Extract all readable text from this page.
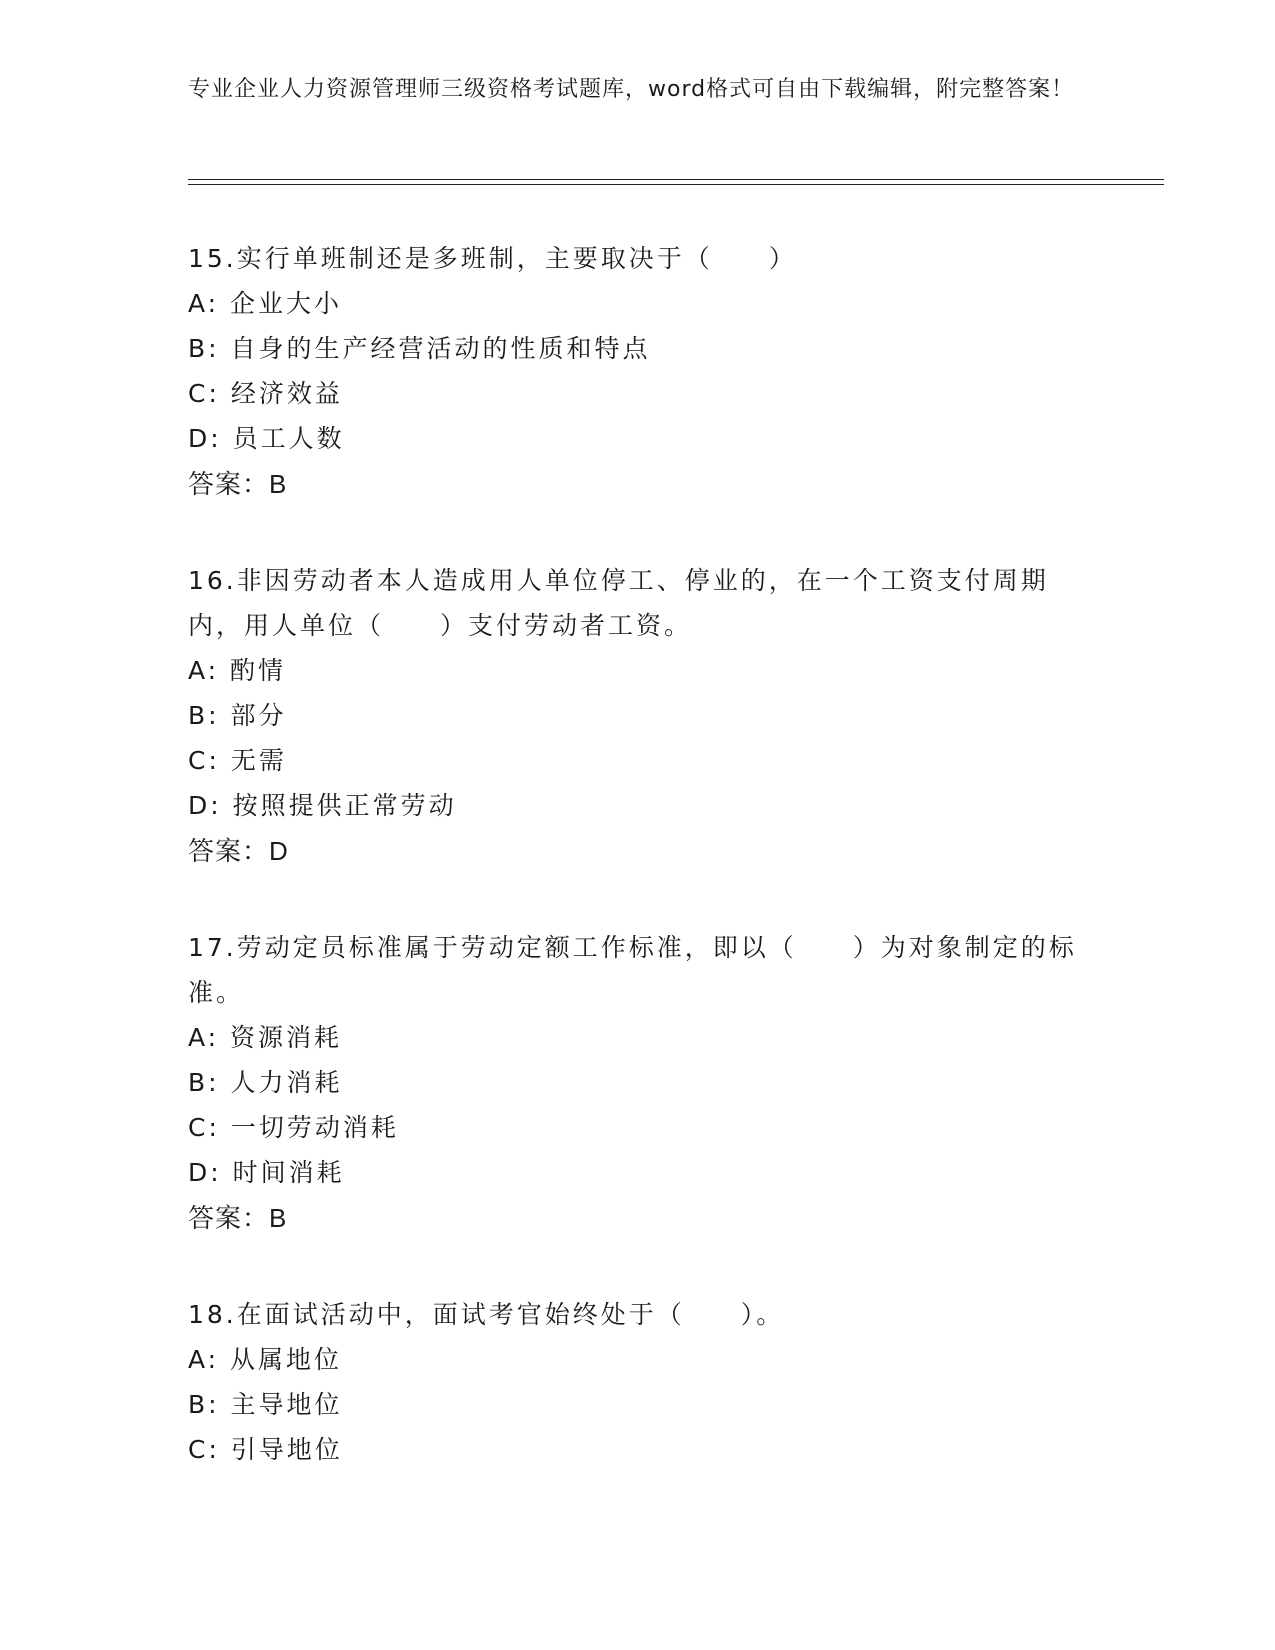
专业企业人力资源管理师三级资格考试题库，word格式可自由下载编辑，附完整答案！

15.实行单班制还是多班制，主要取决于（　　）

A: 企业大小

B: 自身的生产经营活动的性质和特点

C: 经济效益

D: 员工人数

答案：B

16.非因劳动者本人造成用人单位停工、停业的，在一个工资支付周期内，用人单位（　　）支付劳动者工资。

A: 酌情

B: 部分

C: 无需

D: 按照提供正常劳动

答案：D

17.劳动定员标准属于劳动定额工作标准，即以（　　）为对象制定的标准。

A: 资源消耗

B: 人力消耗

C: 一切劳动消耗

D: 时间消耗

答案：B

18.在面试活动中，面试考官始终处于（　　）。

A: 从属地位

B: 主导地位

C: 引导地位
